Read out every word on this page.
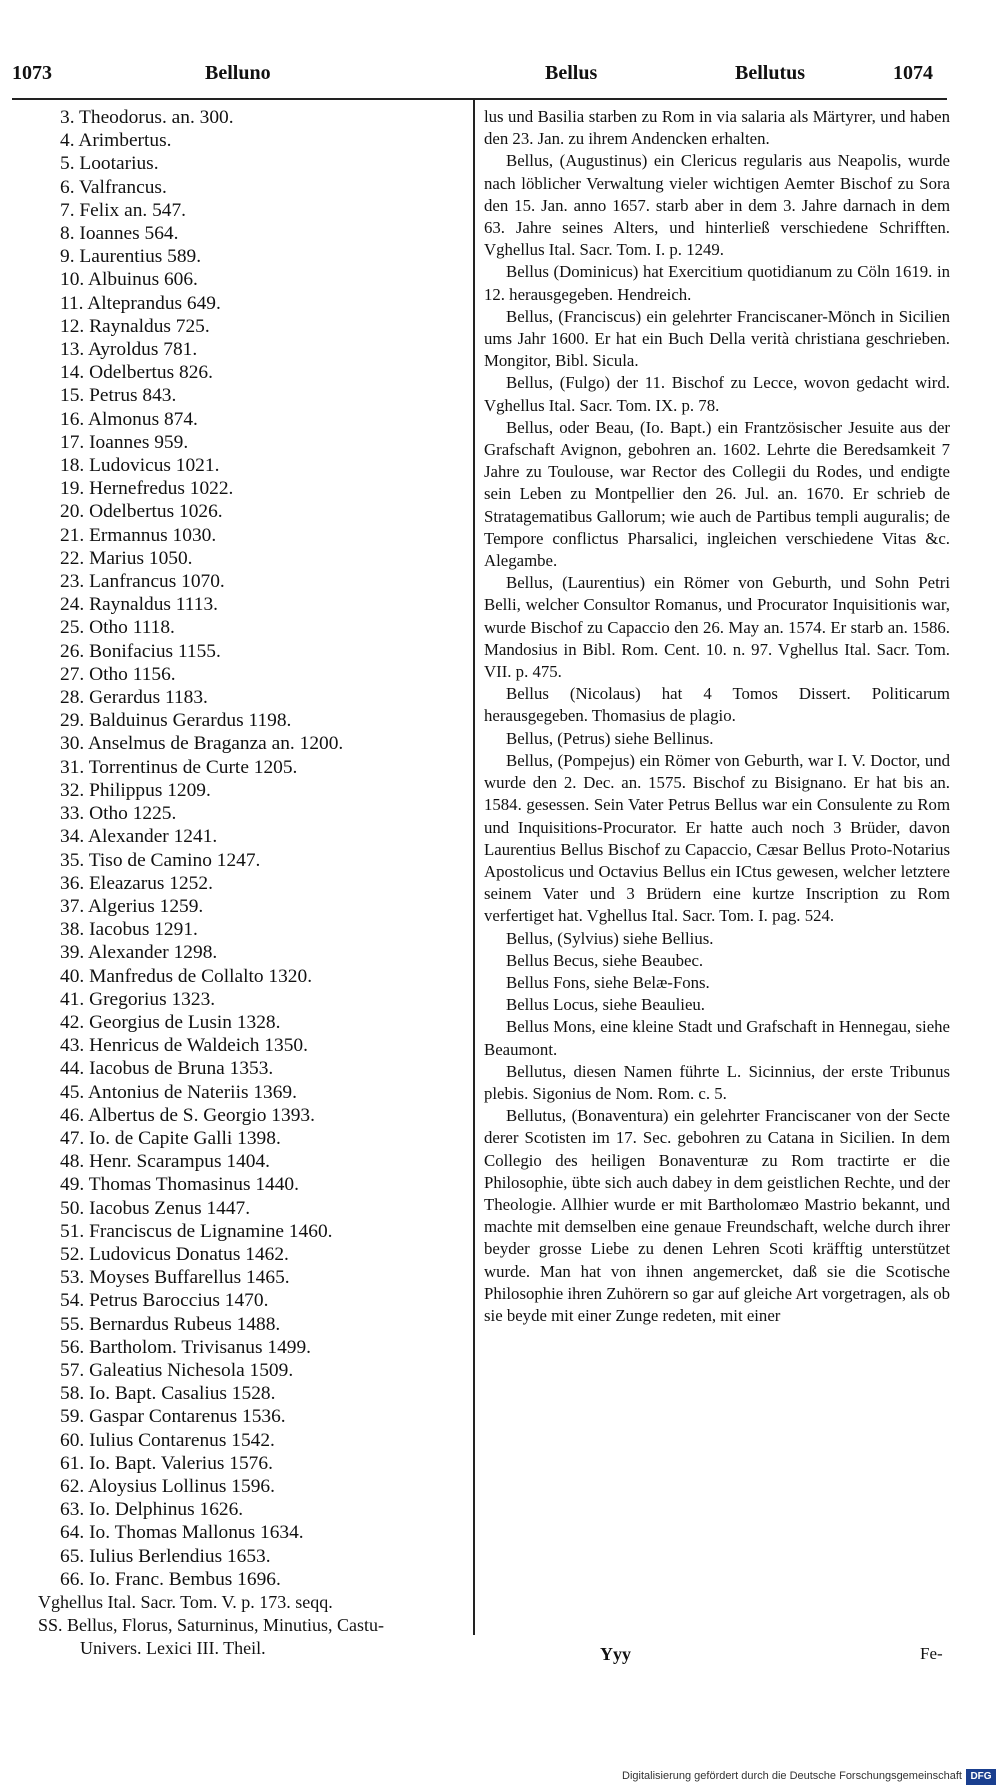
1073	Belluno	Bellus	Bellutus	1074
3. Theodorus. an. 300.
4. Arimbertus.
5. Lootarius.
6. Valfrancus.
7. Felix an. 547.
8. Ioannes 564.
9. Laurentius 589.
10. Albuinus 606.
11. Alteprandus 649.
12. Raynaldus 725.
13. Ayroldus 781.
14. Odelbertus 826.
15. Petrus 843.
16. Almonus 874.
17. Ioannes 959.
18. Ludovicus 1021.
19. Hernefredus 1022.
20. Odelbertus 1026.
21. Ermannus 1030.
22. Marius 1050.
23. Lanfrancus 1070.
24. Raynaldus 1113.
25. Otho 1118.
26. Bonifacius 1155.
27. Otho 1156.
28. Gerardus 1183.
29. Balduinus Gerardus 1198.
30. Anselmus de Braganza an. 1200.
31. Torrentinus de Curte 1205.
32. Philippus 1209.
33. Otho 1225.
34. Alexander 1241.
35. Tiso de Camino 1247.
36. Eleazarus 1252.
37. Algerius 1259.
38. Iacobus 1291.
39. Alexander 1298.
40. Manfredus de Collalto 1320.
41. Gregorius 1323.
42. Georgius de Lusin 1328.
43. Henricus de Waldeich 1350.
44. Iacobus de Bruna 1353.
45. Antonius de Nateriis 1369.
46. Albertus de S. Georgio 1393.
47. Io. de Capite Galli 1398.
48. Henr. Scarampus 1404.
49. Thomas Thomasinus 1440.
50. Iacobus Zenus 1447.
51. Franciscus de Lignamine 1460.
52. Ludovicus Donatus 1462.
53. Moyses Buffarellus 1465.
54. Petrus Baroccius 1470.
55. Bernardus Rubeus 1488.
56. Bartholom. Trivisanus 1499.
57. Galeatius Nichesola 1509.
58. Io. Bapt. Casalius 1528.
59. Gaspar Contarenus 1536.
60. Iulius Contarenus 1542.
61. Io. Bapt. Valerius 1576.
62. Aloysius Lollinus 1596.
63. Io. Delphinus 1626.
64. Io. Thomas Mallonus 1634.
65. Iulius Berlendius 1653.
66. Io. Franc. Bembus 1696.
Vghellus Ital. Sacr. Tom. V. p. 173. seqq.
SS. Bellus, Florus, Saturninus, Minutius, Castu-
Univers. Lexici III. Theil.

lus und Basilia starben zu Rom in via salaria als Märtyrer, und haben den 23. Jan. zu ihrem Andencken erhalten.

Bellus, (Augustinus) ein Clericus regularis aus Neapolis, wurde nach löblicher Verwaltung vieler wichtigen Aemter Bischof zu Sora den 15. Jan. anno 1657. starb aber in dem 3. Jahre darnach in dem 63. Jahre seines Alters, und hinterließ verschiedene Schrifften. Vghellus Ital. Sacr. Tom. I. p. 1249.

Bellus (Dominicus) hat Exercitium quotidianum zu Cöln 1619. in 12. herausgegeben. Hendreich.

Bellus, (Franciscus) ein gelehrter Franciscaner-Mönch in Sicilien ums Jahr 1600. Er hat ein Buch Della verità christiana geschrieben. Mongitor, Bibl. Sicula.

Bellus, (Fulgo) der 11. Bischof zu Lecce, wovon gedacht wird. Vghellus Ital. Sacr. Tom. IX. p. 78.

Bellus, oder Beau, (Io. Bapt.) ein Frantzösischer Jesuite aus der Grafschaft Avignon, gebohren an. 1602. Lehrte die Beredsamkeit 7 Jahre zu Toulouse, war Rector des Collegii du Rodes, und endigte sein Leben zu Montpellier den 26. Jul. an. 1670. Er schrieb de Stratagematibus Gallorum; wie auch de Partibus templi auguralis; de Tempore conflictus Pharsalici, ingleichen verschiedene Vitas &c. Alegambe.

Bellus, (Laurentius) ein Römer von Geburth, und Sohn Petri Belli, welcher Consultor Romanus, und Procurator Inquisitionis war, wurde Bischof zu Capaccio den 26. May an. 1574. Er starb an. 1586. Mandosius in Bibl. Rom. Cent. 10. n. 97. Vghellus Ital. Sacr. Tom. VII. p. 475.

Bellus (Nicolaus) hat 4 Tomos Dissert. Politicarum herausgegeben. Thomasius de plagio.

Bellus, (Petrus) siehe Bellinus.

Bellus, (Pompejus) ein Römer von Geburth, war I. V. Doctor, und wurde den 2. Dec. an. 1575. Bischof zu Bisignano. Er hat bis an. 1584. gesessen. Sein Vater Petrus Bellus war ein Consulente zu Rom und Inquisitions-Procurator. Er hatte auch noch 3 Brüder, davon Laurentius Bellus Bischof zu Capaccio, Cæsar Bellus Proto-Notarius Apostolicus und Octavius Bellus ein ICtus gewesen, welcher letztere seinem Vater und 3 Brüdern eine kurtze Inscription zu Rom verfertiget hat. Vghellus Ital. Sacr. Tom. I. pag. 524.

Bellus, (Sylvius) siehe Bellius.

Bellus Becus, siehe Beaubec.

Bellus Fons, siehe Belæ-Fons.

Bellus Locus, siehe Beaulieu.

Bellus Mons, eine kleine Stadt und Grafschaft in Hennegau, siehe Beaumont.

Bellutus, diesen Namen führte L. Sicinnius, der erste Tribunus plebis. Sigonius de Nom. Rom. c. 5.

Bellutus, (Bonaventura) ein gelehrter Franciscaner von der Secte derer Scotisten im 17. Sec. gebohren zu Catana in Sicilien. In dem Collegio des heiligen Bonaventuræ zu Rom tractirte er die Philosophie, übte sich auch dabey in dem geistlichen Rechte, und der Theologie. Allhier wurde er mit Bartholomæo Mastrio bekannt, und machte mit demselben eine genaue Freundschaft, welche durch ihrer beyder grosse Liebe zu denen Lehren Scoti kräfftig unterstützet wurde. Man hat von ihnen angemercket, daß sie die Scotische Philosophie ihren Zuhörern so gar auf gleiche Art vorgetragen, als ob sie beyde mit einer Zunge redeten, mit einer

Yyy	Fe-
Digitalisierung gefördert durch die Deutsche Forschungsgemeinschaft DFG
